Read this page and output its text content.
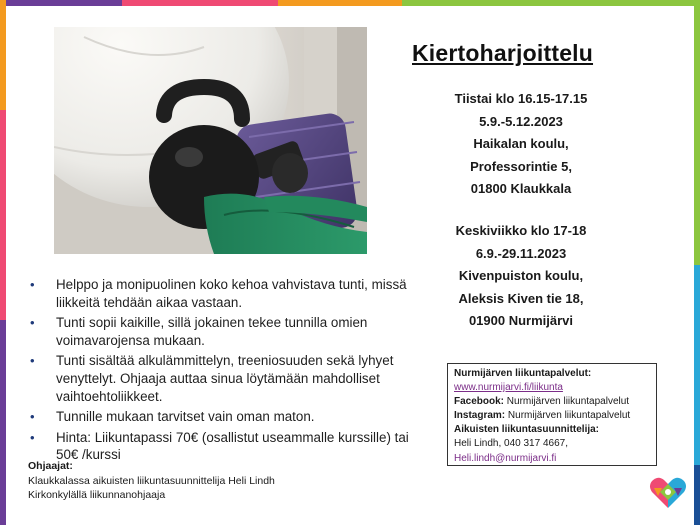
Kiertoharjoittelu
Tiistai klo 16.15-17.15
5.9.-5.12.2023
Haikalan koulu,
Professorintie 5,
01800 Klaukkala
Keskiviikko klo 17-18
6.9.-29.11.2023
Kivenpuiston koulu,
Aleksis Kiven tie 18,
01900 Nurmijärvi
• Helppo ja monipuolinen koko kehoa vahvistava tunti, missä liikkeitä tehdään aikaa vastaan.
• Tunti sopii kaikille, sillä jokainen tekee tunnilla omien voimavarojensa mukaan.
• Tunti sisältää alkulämmittelyn, treeniosuuden sekä lyhyet venyttelyt. Ohjaaja auttaa sinua löytämään mahdolliset vaihtoehtoliikkeet.
• Tunnille mukaan tarvitset vain oman maton.
• Hinta: Liikuntapassi 70€ (osallistut useammalle kurssille) tai 50€ /kurssi
Ohjaajat:
Klaukkalassa aikuisten liikuntasuunnittelija Heli Lindh
Kirkonkylällä liikunnanohjaaja
Nurmijärven liikuntapalvelut:
www.nurmijarvi.fi/liikunta
Facebook: Nurmijärven liikuntapalvelut
Instagram: Nurmijärven liikuntapalvelut
Aikuisten liikuntasuunnittelija:
Heli Lindh, 040 317 4667,
Heli.lindh@nurmijarvi.fi
